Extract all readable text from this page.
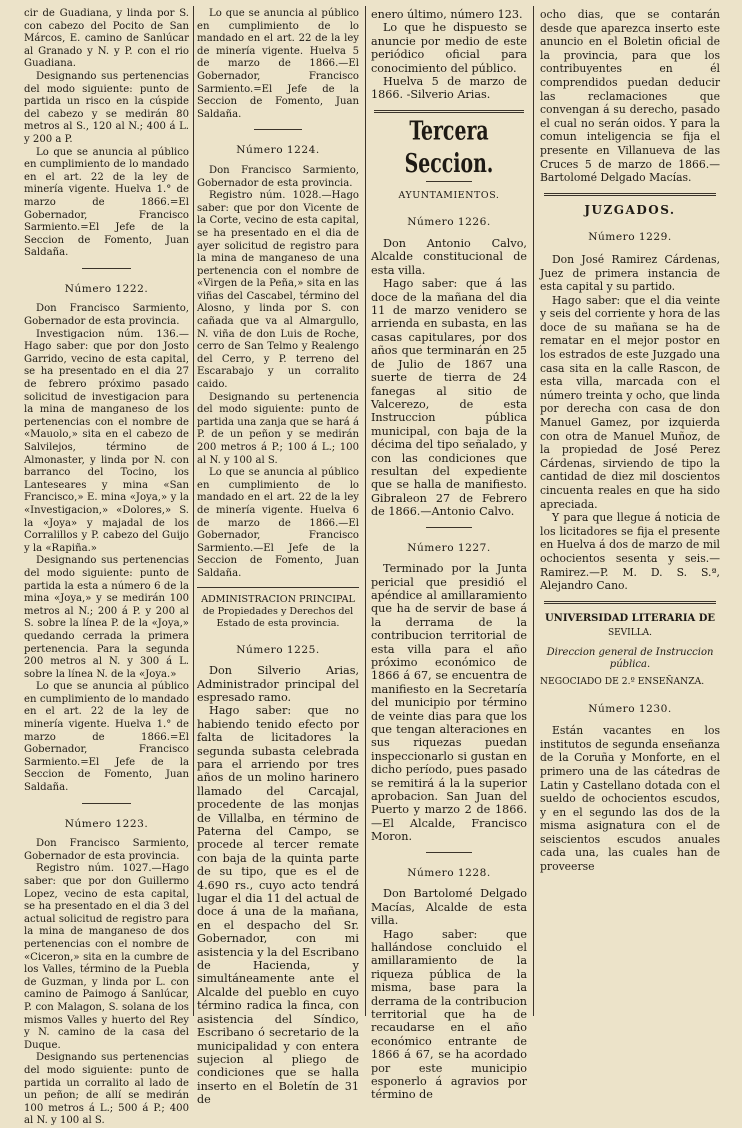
cir de Guadiana, y linda por S. con cabezo del Pocito de San Márcos, E. camino de Sanlúcar al Granado y N. y P. con el rio Guadiana.

Designando sus pertenencias del modo siguiente: punto de partida un risco en la cúspide del cabezo y se medirán 80 metros al S., 120 al N.; 400 á L. y 200 a P.

Lo que se anuncia al público en cumplimiento de lo mandado en el art. 22 de la ley de minería vigente. Huelva 1.° de marzo de 1866.=El Gobernador, Francisco Sarmiento.=El Jefe de la Seccion de Fomento, Juan Saldaña.

Número 1222.

Don Francisco Sarmiento, Gobernador de esta provincia.

Investigacion núm. 136.—Hago saber: que por don Josto Garrido, vecino de esta capital, se ha presentado en el dia 27 de febrero próximo pasado solicitud de investigacion para la mina de manganeso de los pertenencias con el nombre de «Mauolo,» sita en el cabezo de Salvilejos, término de Almonaster, y linda por N. con barranco del Tocino, los Lanteseares y mina «San Francisco,» E. mina «Joya,» y la «Investigacion,» «Dolores,» S. la «Joya» y majadal de los Corralillos y P. cabezo del Guijo y la «Rapiña.»

Designando sus pertenencias del modo siguiente: punto de partida la esta a número 6 de la mina «Joya,» y se medirán 100 metros al N.; 200 á P. y 200 al S. sobre la línea P. de la «Joya,» quedando cerrada la primera pertenencia. Para la segunda 200 metros al N. y 300 á L. sobre la línea N. de la «Joya.»

Lo que se anuncia al público en cumplimiento de lo mandado en el art. 22 de la ley de minería vigente. Huelva 1.° de marzo de 1866.=El Gobernador, Francisco Sarmiento.=El Jefe de la Seccion de Fomento, Juan Saldaña.

Número 1223.

Don Francisco Sarmiento, Gobernador de esta provincia.

Registro núm. 1027.—Hago saber: que por don Guillermo Lopez, vecino de esta capital, se ha presentado en el dia 3 del actual solicitud de registro para la mina de manganeso de dos pertenencias con el nombre de «Ciceron,» sita en la cumbre de los Valles, término de la Puebla de Guzman, y linda por L. con camino de Paimogo á Sanlúcar, P. con Malagon, S. solana de los mismos Valles y huerto del Rey y N. camino de la casa del Duque.

Designando sus pertenencias del modo siguiente: punto de partida un corralito al lado de un peñon; de allí se medirán 100 metros á L.; 500 á P.; 400 al N. y 100 al S.

Lo que se anuncia al público en cumplimiento de lo mandado en el art. 22 de la ley de minería vigente. Huelva 5 de marzo de 1866.—El Gobernador, Francisco Sarmiento.=El Jefe de la Seccion de Fomento, Juan Saldaña.

Número 1224.

Don Francisco Sarmiento, Gobernador de esta provincia.

Registro núm. 1028.—Hago saber: que por don Vicente de la Corte, vecino de esta capital, se ha presentado en el dia de ayer solicitud de registro para la mina de manganeso de una pertenencia con el nombre de «Virgen de la Peña,» sita en las viñas del Cascabel, término del Alosno, y linda por S. con cañada que va al Almargullo, N. viña de don Luis de Roche, cerro de San Telmo y Realengo del Cerro, y P. terreno del Escarabajo y un corralito caido.

Designando su pertenencia del modo siguiente: punto de partida una zanja que se hará á P. de un peñon y se medirán 200 metros á P.; 100 á L.; 100 al N. y 100 al S.

Lo que se anuncia al público en cumplimiento de lo mandado en el art. 22 de la ley de minería vigente. Huelva 6 de marzo de 1866.—El Gobernador, Francisco Sarmiento.—El Jefe de la Seccion de Fomento, Juan Saldaña.

ADMINISTRACION PRINCIPAL de Propiedades y Derechos del Estado de esta provincia.
Número 1225.

Don Silverio Arias, Administrador principal del espresado ramo.

Hago saber: que no habiendo tenido efecto por falta de licitadores la segunda subasta celebrada para el arriendo por tres años de un molino harinero llamado del Carcajal, procedente de las monjas de Villalba, en término de Paterna del Campo, se procede al tercer remate con baja de la quinta parte de su tipo, que es el de 4.690 rs., cuyo acto tendrá lugar el dia 11 del actual de doce á una de la mañana, en el despacho del Sr. Gobernador, con mi asistencia y la del Escribano de Hacienda, y simultáneamente ante el Alcalde del pueblo en cuyo término radica la finca, con asistencia del Síndico, Escribano ó secretario de la municipalidad y con entera sujecion al pliego de condiciones que se halla inserto en el Boletín de 31 de

enero último, número 123.

Lo que he dispuesto se anuncie por medio de este periódico oficial para conocimiento del público.

Huelva 5 de marzo de 1866. -Silverio Arias.

Tercera Seccion.
AYUNTAMIENTOS.
Número 1226.

Don Antonio Calvo, Alcalde constitucional de esta villa.

Hago saber: que á las doce de la mañana del dia 11 de marzo venidero se arrienda en subasta, en las casas capitulares, por dos años que terminarán en 25 de Julio de 1867 una suerte de tierra de 24 fanegas al sitio de Valcerezo, de esta Instruccion pública municipal, con baja de la décima del tipo señalado, y con las condiciones que resultan del expediente que se halla de manifiesto. Gibraleon 27 de Febrero de 1866.—Antonio Calvo.

Número 1227.

Terminado por la Junta pericial que presidió el apéndice al amillaramiento que ha de servir de base á la derrama de la contribucion territorial de esta villa para el año próximo económico de 1866 á 67, se encuentra de manifiesto en la Secretaría del municipio por término de veinte dias para que los que tengan alteraciones en sus riquezas puedan inspeccionarlo si gustan en dicho período, pues pasado se remitirá á la la superior aprobacion. San Juan del Puerto y marzo 2 de 1866.—El Alcalde, Francisco Moron.

Número 1228.

Don Bartolomé Delgado Macías, Alcalde de esta villa.

Hago saber: que hallándose concluido el amillaramiento de la riqueza pública de la misma, base para la derrama de la contribucion territorial que ha de recaudarse en el año económico entrante de 1866 á 67, se ha acordado por este municipio esponerlo á agravios por término de

ocho dias, que se contarán desde que aparezca inserto este anuncio en el Boletin oficial de la provincia, para que los contribuyentes en él comprendidos puedan deducir las reclamaciones que convengan á su derecho, pasado el cual no serán oidos. Y para la comun inteligencia se fija el presente en Villanueva de las Cruces 5 de marzo de 1866.—Bartolomé Delgado Macías.

JUZGADOS.
Número 1229.

Don José Ramirez Cárdenas, Juez de primera instancia de esta capital y su partido.

Hago saber: que el dia veinte y seis del corriente y hora de las doce de su mañana se ha de rematar en el mejor postor en los estrados de este Juzgado una casa sita en la calle Rascon, de esta villa, marcada con el número treinta y ocho, que linda por derecha con casa de don Manuel Gamez, por izquierda con otra de Manuel Muñoz, de la propiedad de José Perez Cárdenas, sirviendo de tipo la cantidad de diez mil doscientos cincuenta reales en que ha sido apreciada.

Y para que llegue á noticia de los licitadores se fija el presente en Huelva á dos de marzo de mil ochocientos sesenta y seis.—Ramirez.—P. M. D. S. S.ª, Alejandro Cano.

UNIVERSIDAD LITERARIA DE
SEVILLA.
Direccion general de Instruccion pública.

NEGOCIADO DE 2.º ENSEÑANZA.

Número 1230.

Están vacantes en los institutos de segunda enseñanza de la Coruña y Monforte, en el primero una de las cátedras de Latin y Castellano dotada con el sueldo de ochocientos escudos, y en el segundo las dos de la misma asignatura con el de seiscientos escudos anuales cada una, las cuales han de proveerse
